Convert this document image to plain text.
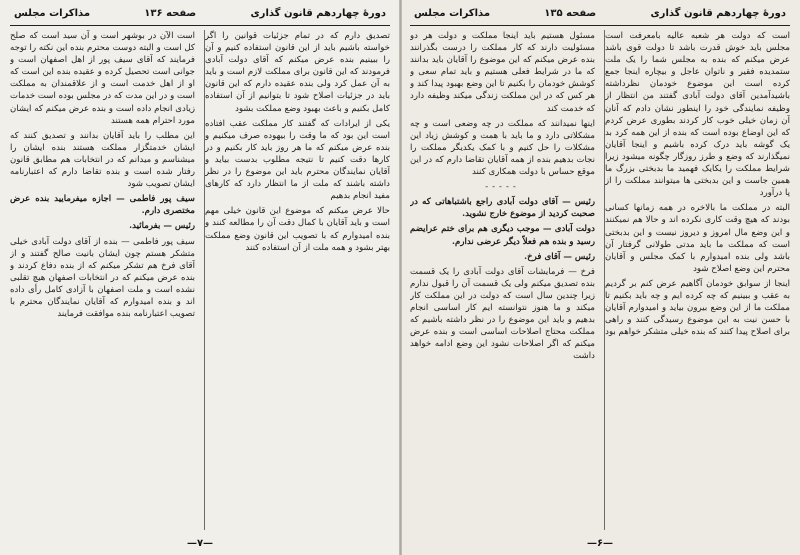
دورۀ چهاردهم قانون گذاری
صفحه ۱۳۵
مذاکرات مجلس

است که دولت هر شعبه عالیه بامعرفت است مجلس باید خوش قدرت باشد تا دولت قوی باشد عرض میکنم که بنده به مجلس شما را یک ملت ستمدیده فقیر و ناتوان عاجل و بیچاره اینجا جمع کرده است این موضوع خودمان نظرداشته باشیدآمدین آقای دولت آبادی گفتند من انتظار از وظیفه نمایندگی خود را اینطور نشان دادم که آنان آن زمان خیلی خوب کار کردند بطوری عرض کردم که این اوضاع بوده است که بنده از این همه کرد بد یک گوشه باید درک کرده باشیم و اینجا آقایان نمیگذارند که وضع و طرز روزگار چگونه میشود زیرا شرایط مملکت را یکایک فهمید ما بدبختی بزرگ ما همین جاست و این بدبختی ها میتوانند مملکت را از پا درآورد

البته در مملکت ما بالاخره در همه زمانها کسانی بودند که هیچ وقت کاری نکرده اند و حالا هم نمیکنند و این وضع مال امروز و دیروز نیست و این بدبختی است که مملکت ما باید مدتی طولانی گرفتار آن باشد ولی بنده امیدوارم با کمک مجلس و آقایان محترم این وضع اصلاح شود

اینجا از سوابق خودمان آگاهیم عرض کنم بر گردیم به عقب و ببینیم که چه کرده ایم و چه باید بکنیم تا مملکت ما از این وضع بیرون بیاید و امیدوارم آقایان با حسن نیت به این موضوع رسیدگی کنند و راهی برای اصلاح پیدا کنند که بنده خیلی متشکر خواهم بود

مسئول هستیم باید اینجا مملکت و دولت هر دو مسئولیت دارند که کار مملکت را درست بگذرانند بنده عرض میکنم که این موضوع را آقایان باید بدانند که ما در شرایط فعلی هستیم و باید تمام سعی و کوشش خودمان را بکنیم تا این وضع بهبود پیدا کند و هر کس که در این مملکت زندگی میکند وظیفه دارد که خدمت کند

اینها نمیدانند که مملکت در چه وضعی است و چه مشکلاتی دارد و ما باید با همت و کوشش زیاد این مشکلات را حل کنیم و با کمک یکدیگر مملکت را نجات بدهیم بنده از همه آقایان تقاضا دارم که در این موقع حساس با دولت همکاری کنند

-----

رئیس — آقای دولت آبادی راجع باشتباهاتی که در صحبت کردید از موضوع خارج نشوید.

دولت آبادی — موجب دیگری هم برای ختم عرایضم رسید و بنده هم فعلاً دیگر عرضی ندارم.

رئیس — آقای فرخ.

فرخ — فرمایشات آقای دولت آبادی را یک قسمت بنده تصدیق میکنم ولی یک قسمت آن را قبول ندارم زیرا چندین سال است که دولت در این مملکت کار میکند و ما هنوز نتوانسته ایم کار اساسی انجام بدهیم و باید این موضوع را در نظر داشته باشیم که مملکت محتاج اصلاحات اساسی است و بنده عرض میکنم که اگر اصلاحات نشود این وضع ادامه خواهد داشت

—۶—
دورۀ چهاردهم قانون گذاری
صفحه ۱۳۶
مذاکرات مجلس

تصدیق دارم که در تمام جزئیات قوانین را اگر خواسته باشیم باید از این قانون استفاده کنیم و آن را ببینیم بنده عرض میکنم که آقای دولت آبادی فرمودند که این قانون برای مملکت لازم است و باید به آن عمل کرد ولی بنده عقیده دارم که این قانون باید در جزئیات اصلاح شود تا بتوانیم از آن استفاده کامل بکنیم و باعث بهبود وضع مملکت بشود

یکی از ایرادات که گفتند کار مملکت عقب افتاده است این بود که ما وقت را بیهوده صرف میکنیم و بنده عرض میکنم که ما هر روز باید کار بکنیم و در کارها دقت کنیم تا نتیجه مطلوب بدست بیاید و آقایان نمایندگان محترم باید این موضوع را در نظر داشته باشند که ملت از ما انتظار دارد که کارهای مفید انجام بدهیم

حالا عرض میکنم که موضوع این قانون خیلی مهم است و باید آقایان با کمال دقت آن را مطالعه کنند و بنده امیدوارم که با تصویب این قانون وضع مملکت بهتر بشود و همه ملت از آن استفاده کنند

است الآن در بوشهر است و آن سید است که صلح کل است و البته دوست محترم بنده این نکته را توجه فرمایند که آقای سیف پور از اهل اصفهان است و جوانی است تحصیل کرده و عقیده بنده این است که او از اهل خدمت است و از علاقمندان به مملکت است و در این مدت که در مجلس بوده است خدمات زیادی انجام داده است و بنده عرض میکنم که ایشان مورد احترام همه هستند

این مطلب را باید آقایان بدانند و تصدیق کنند که ایشان خدمتگزار مملکت هستند بنده ایشان را میشناسم و میدانم که در انتخابات هم مطابق قانون رفتار شده است و بنده تقاضا دارم که اعتبارنامه ایشان تصویب شود

سیف پور فاطمی — اجازه میفرمایید بنده عرض مختصری دارم.

رئیس — بفرمائید.

سیف پور فاطمی — بنده از آقای دولت آبادی خیلی متشکر هستم چون ایشان بانیت صالح گفتند و از آقای فرخ هم تشکر میکنم که از بنده دفاع کردند و بنده عرض میکنم که در انتخابات اصفهان هیچ تقلبی نشده است و ملت اصفهان با آزادی کامل رأی داده اند و بنده امیدوارم که آقایان نمایندگان محترم با تصویب اعتبارنامه بنده موافقت فرمایند

—۷—
